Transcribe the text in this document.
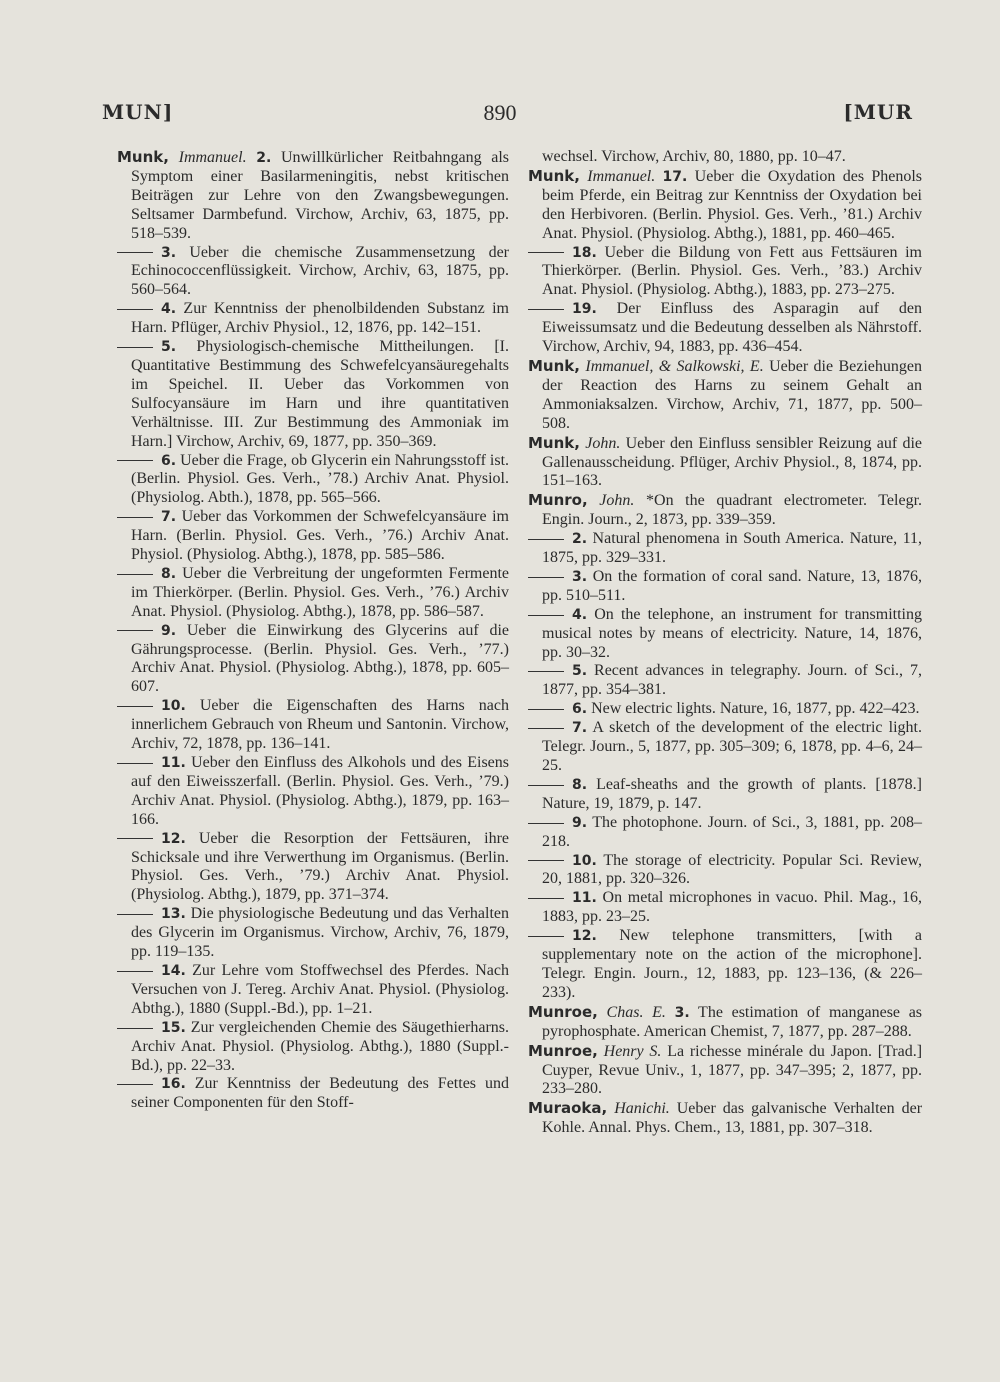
MUN]	890	[MUR
Munk, Immanuel. 2. Unwillkürlicher Reitbahngang als Symptom einer Basilarmeningitis, nebst kritischen Beiträgen zur Lehre von den Zwangsbewegungen. Seltsamer Darmbefund. Virchow, Archiv, 63, 1875, pp. 518–539.
3. Ueber die chemische Zusammensetzung der Echinococcenflüssigkeit. Virchow, Archiv, 63, 1875, pp. 560–564.
4. Zur Kenntniss der phenolbildenden Substanz im Harn. Pflüger, Archiv Physiol., 12, 1876, pp. 142–151.
5. Physiologisch-chemische Mittheilungen. [I. Quantitative Bestimmung des Schwefelcyansäuregehalts im Speichel. II. Ueber das Vorkommen von Sulfocyansäure im Harn und ihre quantitativen Verhältnisse. III. Zur Bestimmung des Ammoniak im Harn.] Virchow, Archiv, 69, 1877, pp. 350–369.
6. Ueber die Frage, ob Glycerin ein Nahrungsstoff ist. (Berlin. Physiol. Ges. Verh., ’78.) Archiv Anat. Physiol. (Physiolog. Abth.), 1878, pp. 565–566.
7. Ueber das Vorkommen der Schwefelcyansäure im Harn. (Berlin. Physiol. Ges. Verh., ’76.) Archiv Anat. Physiol. (Physiolog. Abthg.), 1878, pp. 585–586.
8. Ueber die Verbreitung der ungeformten Fermente im Thierkörper. (Berlin. Physiol. Ges. Verh., ’76.) Archiv Anat. Physiol. (Physiolog. Abthg.), 1878, pp. 586–587.
9. Ueber die Einwirkung des Glycerins auf die Gährungsprocesse. (Berlin. Physiol. Ges. Verh., ’77.) Archiv Anat. Physiol. (Physiolog. Abthg.), 1878, pp. 605–607.
10. Ueber die Eigenschaften des Harns nach innerlichem Gebrauch von Rheum und Santonin. Virchow, Archiv, 72, 1878, pp. 136–141.
11. Ueber den Einfluss des Alkohols und des Eisens auf den Eiweisszerfall. (Berlin. Physiol. Ges. Verh., ’79.) Archiv Anat. Physiol. (Physiolog. Abthg.), 1879, pp. 163–166.
12. Ueber die Resorption der Fettsäuren, ihre Schicksale und ihre Verwerthung im Organismus. (Berlin. Physiol. Ges. Verh., ’79.) Archiv Anat. Physiol. (Physiolog. Abthg.), 1879, pp. 371–374.
13. Die physiologische Bedeutung und das Verhalten des Glycerin im Organismus. Virchow, Archiv, 76, 1879, pp. 119–135.
14. Zur Lehre vom Stoffwechsel des Pferdes. Nach Versuchen von J. Tereg. Archiv Anat. Physiol. (Physiolog. Abthg.), 1880 (Suppl.-Bd.), pp. 1–21.
15. Zur vergleichenden Chemie des Säugethierharns. Archiv Anat. Physiol. (Physiolog. Abthg.), 1880 (Suppl.-Bd.), pp. 22–33.
16. Zur Kenntniss der Bedeutung des Fettes und seiner Componenten für den Stoff-
wechsel. Virchow, Archiv, 80, 1880, pp. 10–47.
Munk, Immanuel. 17. Ueber die Oxydation des Phenols beim Pferde, ein Beitrag zur Kenntniss der Oxydation bei den Herbivoren. (Berlin. Physiol. Ges. Verh., ’81.) Archiv Anat. Physiol. (Physiolog. Abthg.), 1881, pp. 460–465.
18. Ueber die Bildung von Fett aus Fettsäuren im Thierkörper. (Berlin. Physiol. Ges. Verh., ’83.) Archiv Anat. Physiol. (Physiolog. Abthg.), 1883, pp. 273–275.
19. Der Einfluss des Asparagin auf den Eiweissumsatz und die Bedeutung desselben als Nährstoff. Virchow, Archiv, 94, 1883, pp. 436–454.
Munk, Immanuel, & Salkowski, E. Ueber die Beziehungen der Reaction des Harns zu seinem Gehalt an Ammoniaksalzen. Virchow, Archiv, 71, 1877, pp. 500–508.
Munk, John. Ueber den Einfluss sensibler Reizung auf die Gallenausscheidung. Pflüger, Archiv Physiol., 8, 1874, pp. 151–163.
Munro, John. *On the quadrant electrometer. Telegr. Engin. Journ., 2, 1873, pp. 339–359.
2. Natural phenomena in South America. Nature, 11, 1875, pp. 329–331.
3. On the formation of coral sand. Nature, 13, 1876, pp. 510–511.
4. On the telephone, an instrument for transmitting musical notes by means of electricity. Nature, 14, 1876, pp. 30–32.
5. Recent advances in telegraphy. Journ. of Sci., 7, 1877, pp. 354–381.
6. New electric lights. Nature, 16, 1877, pp. 422–423.
7. A sketch of the development of the electric light. Telegr. Journ., 5, 1877, pp. 305–309; 6, 1878, pp. 4–6, 24–25.
8. Leaf-sheaths and the growth of plants. [1878.] Nature, 19, 1879, p. 147.
9. The photophone. Journ. of Sci., 3, 1881, pp. 208–218.
10. The storage of electricity. Popular Sci. Review, 20, 1881, pp. 320–326.
11. On metal microphones in vacuo. Phil. Mag., 16, 1883, pp. 23–25.
12. New telephone transmitters, [with a supplementary note on the action of the microphone]. Telegr. Engin. Journ., 12, 1883, pp. 123–136, (& 226–233).
Munroe, Chas. E. 3. The estimation of manganese as pyrophosphate. American Chemist, 7, 1877, pp. 287–288.
Munroe, Henry S. La richesse minérale du Japon. [Trad.] Cuyper, Revue Univ., 1, 1877, pp. 347–395; 2, 1877, pp. 233–280.
Muraoka, Hanichi. Ueber das galvanische Verhalten der Kohle. Annal. Phys. Chem., 13, 1881, pp. 307–318.
